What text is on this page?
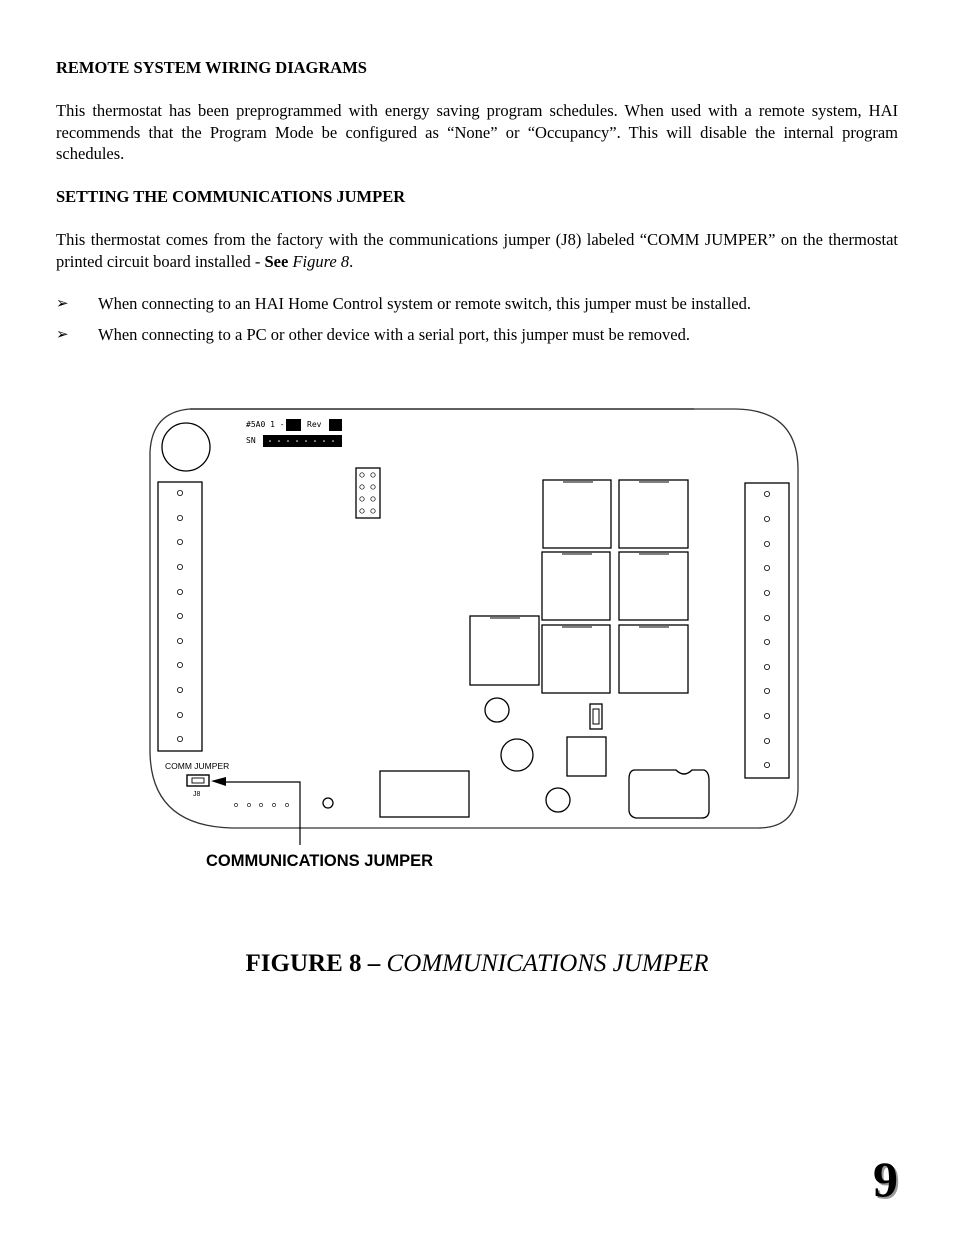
REMOTE SYSTEM WIRING DIAGRAMS

This thermostat has been preprogrammed with energy saving program schedules. When used with a remote system, HAI recommends that the Program Mode be configured as “None” or “Occupancy”. This will disable the internal program schedules.

SETTING THE COMMUNICATIONS JUMPER

This thermostat comes from the factory with the communications jumper (J8) labeled “COMM JUMPER” on the thermostat printed circuit board installed - See Figure 8.

➢ When connecting to an HAI Home Control system or remote switch, this jumper must be installed.
➢ When connecting to a PC or other device with a serial port, this jumper must be removed.
#5A0 1 -	Rev
SN
COMM JUMPER
J8

COMMUNICATIONS JUMPER

FIGURE 8 – COMMUNICATIONS JUMPER

9
